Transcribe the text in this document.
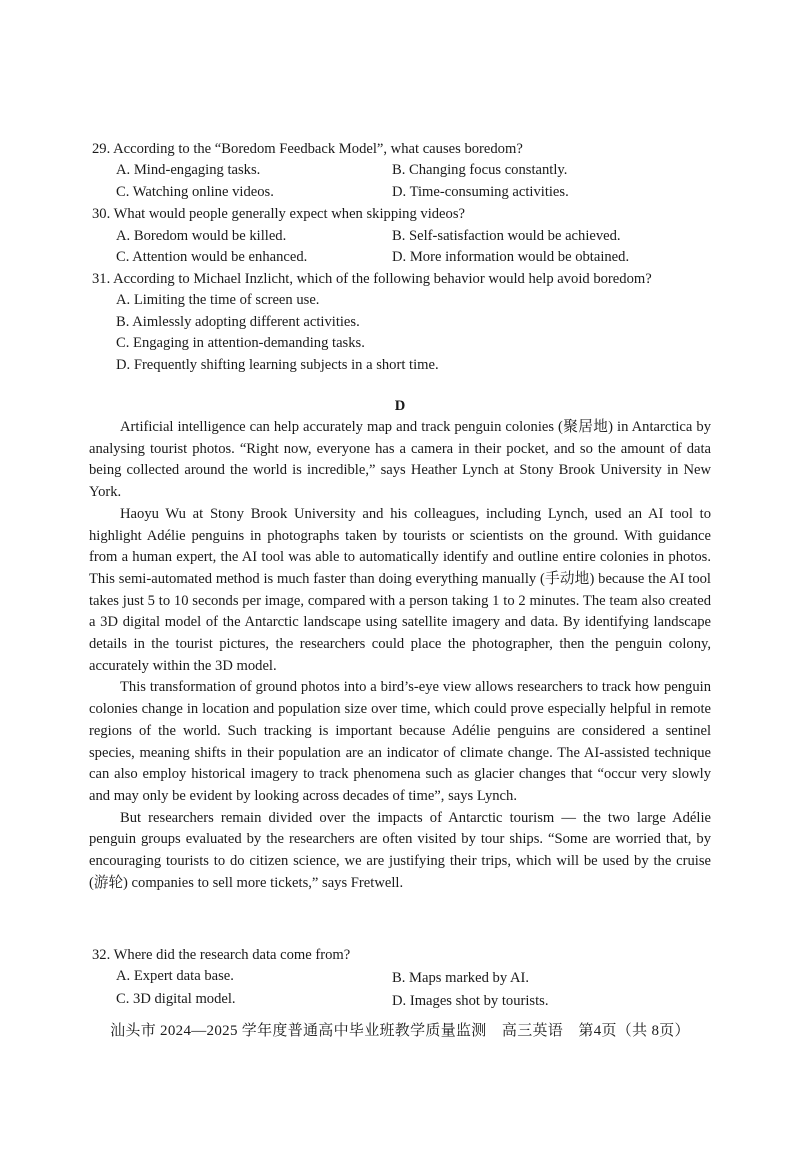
29. According to the “Boredom Feedback Model”, what causes boredom?
A. Mind-engaging tasks.	B. Changing focus constantly.
C. Watching online videos.	D. Time-consuming activities.
30. What would people generally expect when skipping videos?
A. Boredom would be killed.	B. Self-satisfaction would be achieved.
C. Attention would be enhanced.	D. More information would be obtained.
31. According to Michael Inzlicht, which of the following behavior would help avoid boredom?
A. Limiting the time of screen use.
B. Aimlessly adopting different activities.
C. Engaging in attention-demanding tasks.
D. Frequently shifting learning subjects in a short time.
D

Artificial intelligence can help accurately map and track penguin colonies (聚居地) in Antarctica by analysing tourist photos. “Right now, everyone has a camera in their pocket, and so the amount of data being collected around the world is incredible,” says Heather Lynch at Stony Brook University in New York.

Haoyu Wu at Stony Brook University and his colleagues, including Lynch, used an AI tool to highlight Adélie penguins in photographs taken by tourists or scientists on the ground. With guidance from a human expert, the AI tool was able to automatically identify and outline entire colonies in photos. This semi-automated method is much faster than doing everything manually (手动地) because the AI tool takes just 5 to 10 seconds per image, compared with a person taking 1 to 2 minutes. The team also created a 3D digital model of the Antarctic landscape using satellite imagery and data. By identifying landscape details in the tourist pictures, the researchers could place the photographer, then the penguin colony, accurately within the 3D model.

This transformation of ground photos into a bird’s-eye view allows researchers to track how penguin colonies change in location and population size over time, which could prove especially helpful in remote regions of the world. Such tracking is important because Adélie penguins are considered a sentinel species, meaning shifts in their population are an indicator of climate change. The AI-assisted technique can also employ historical imagery to track phenomena such as glacier changes that “occur very slowly and may only be evident by looking across decades of time”, says Lynch.

But researchers remain divided over the impacts of Antarctic tourism — the two large Adélie penguin groups evaluated by the researchers are often visited by tour ships. “Some are worried that, by encouraging tourists to do citizen science, we are justifying their trips, which will be used by the cruise (游轮) companies to sell more tickets,” says Fretwell.

32. Where did the research data come from?
A. Expert data base.	B. Maps marked by AI.
C. 3D digital model.	D. Images shot by tourists.
汕头市 2024—2025 学年度普通高中毕业班教学质量监测　高三英语　第4页（共 8页）
